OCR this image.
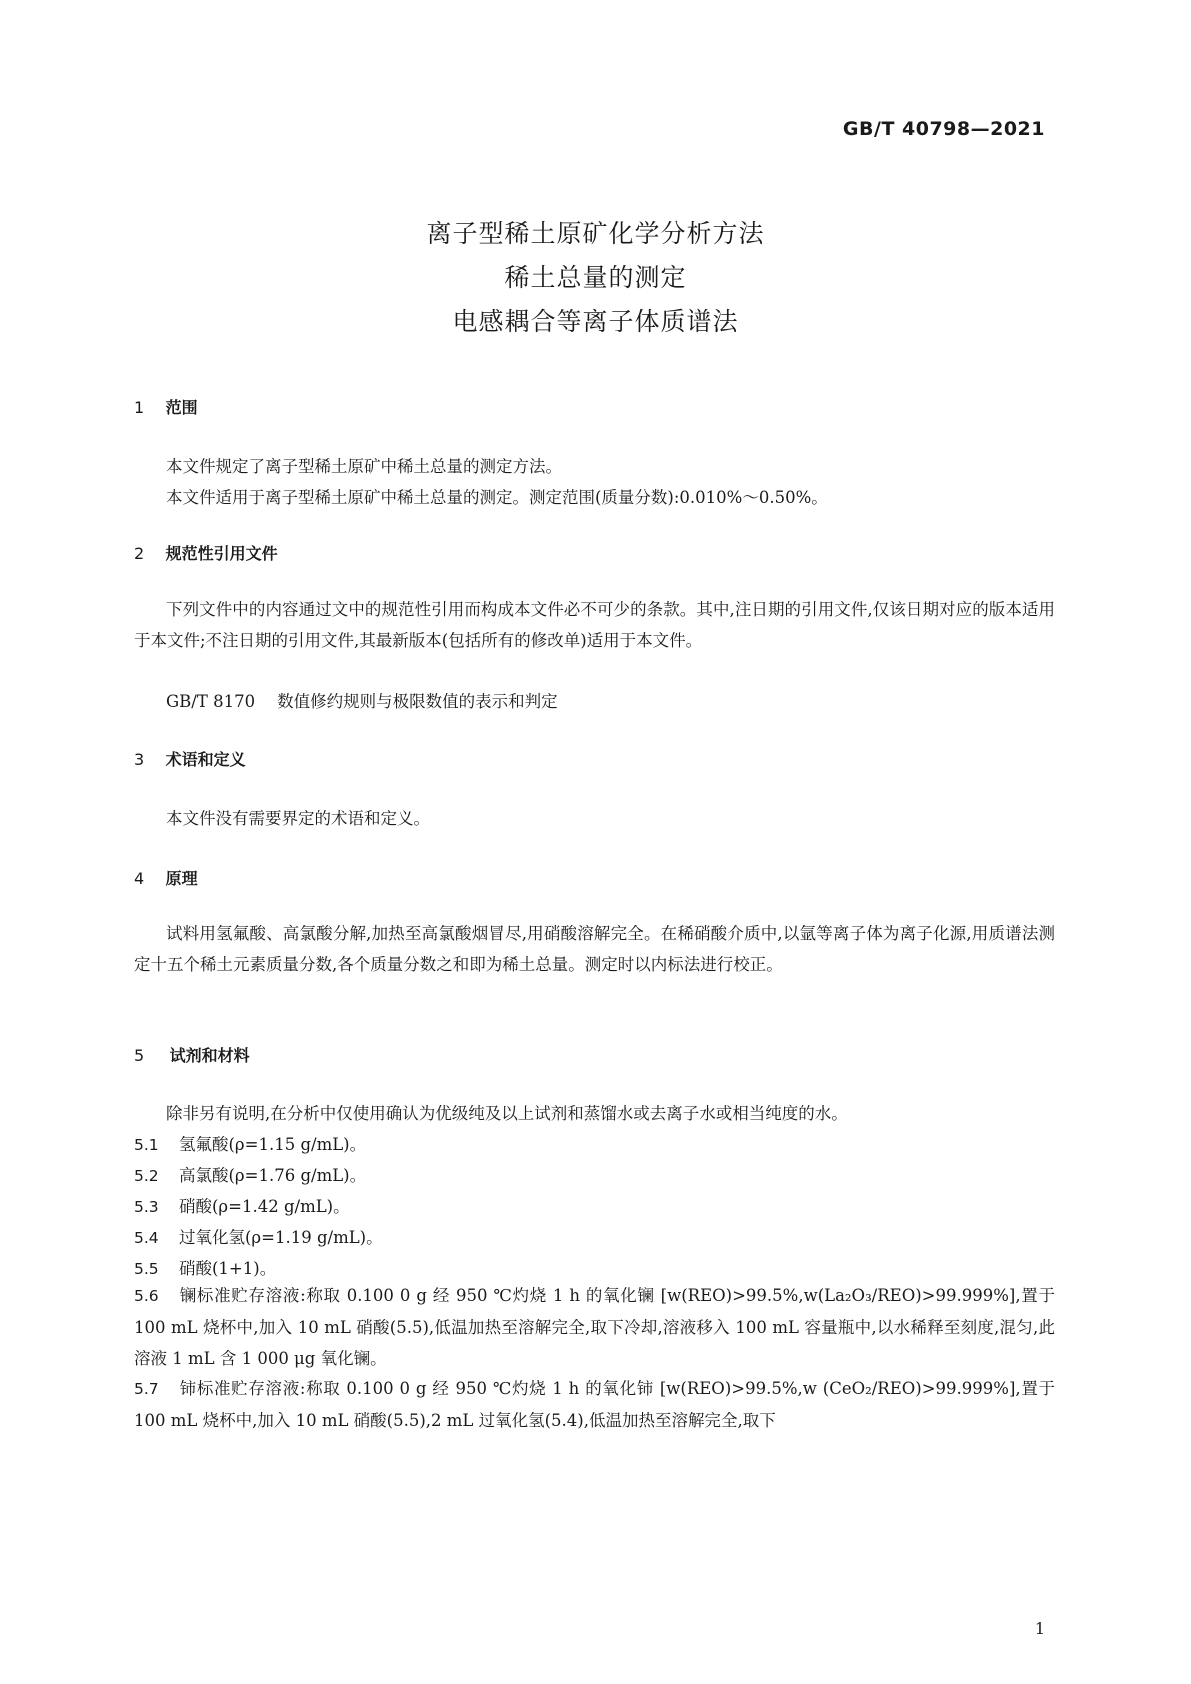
GB/T 40798—2021
离子型稀土原矿化学分析方法
稀土总量的测定
电感耦合等离子体质谱法
1 范围
本文件规定了离子型稀土原矿中稀土总量的测定方法。
本文件适用于离子型稀土原矿中稀土总量的测定。测定范围(质量分数):0.010%～0.50%。
2 规范性引用文件
下列文件中的内容通过文中的规范性引用而构成本文件必不可少的条款。其中,注日期的引用文件,仅该日期对应的版本适用于本文件;不注日期的引用文件,其最新版本(包括所有的修改单)适用于本文件。
GB/T 8170 数值修约规则与极限数值的表示和判定
3 术语和定义
本文件没有需要界定的术语和定义。
4 原理
试料用氢氟酸、高氯酸分解,加热至高氯酸烟冒尽,用硝酸溶解完全。在稀硝酸介质中,以氩等离子体为离子化源,用质谱法测定十五个稀土元素质量分数,各个质量分数之和即为稀土总量。测定时以内标法进行校正。
5 试剂和材料
除非另有说明,在分析中仅使用确认为优级纯及以上试剂和蒸馏水或去离子水或相当纯度的水。
5.1 氢氟酸(ρ=1.15 g/mL)。
5.2 高氯酸(ρ=1.76 g/mL)。
5.3 硝酸(ρ=1.42 g/mL)。
5.4 过氧化氢(ρ=1.19 g/mL)。
5.5 硝酸(1+1)。
5.6 镧标准贮存溶液:称取 0.100 0 g 经 950 ℃灼烧 1 h 的氧化镧 [w(REO)>99.5%,w(La₂O₃/REO)>99.999%],置于 100 mL 烧杯中,加入 10 mL 硝酸(5.5),低温加热至溶解完全,取下冷却,溶液移入 100 mL 容量瓶中,以水稀释至刻度,混匀,此溶液 1 mL 含 1 000 μg 氧化镧。
5.7 铈标准贮存溶液:称取 0.100 0 g 经 950 ℃灼烧 1 h 的氧化铈 [w(REO)>99.5%,w (CeO₂/REO)>99.999%],置于 100 mL 烧杯中,加入 10 mL 硝酸(5.5),2 mL 过氧化氢(5.4),低温加热至溶解完全,取下
1
